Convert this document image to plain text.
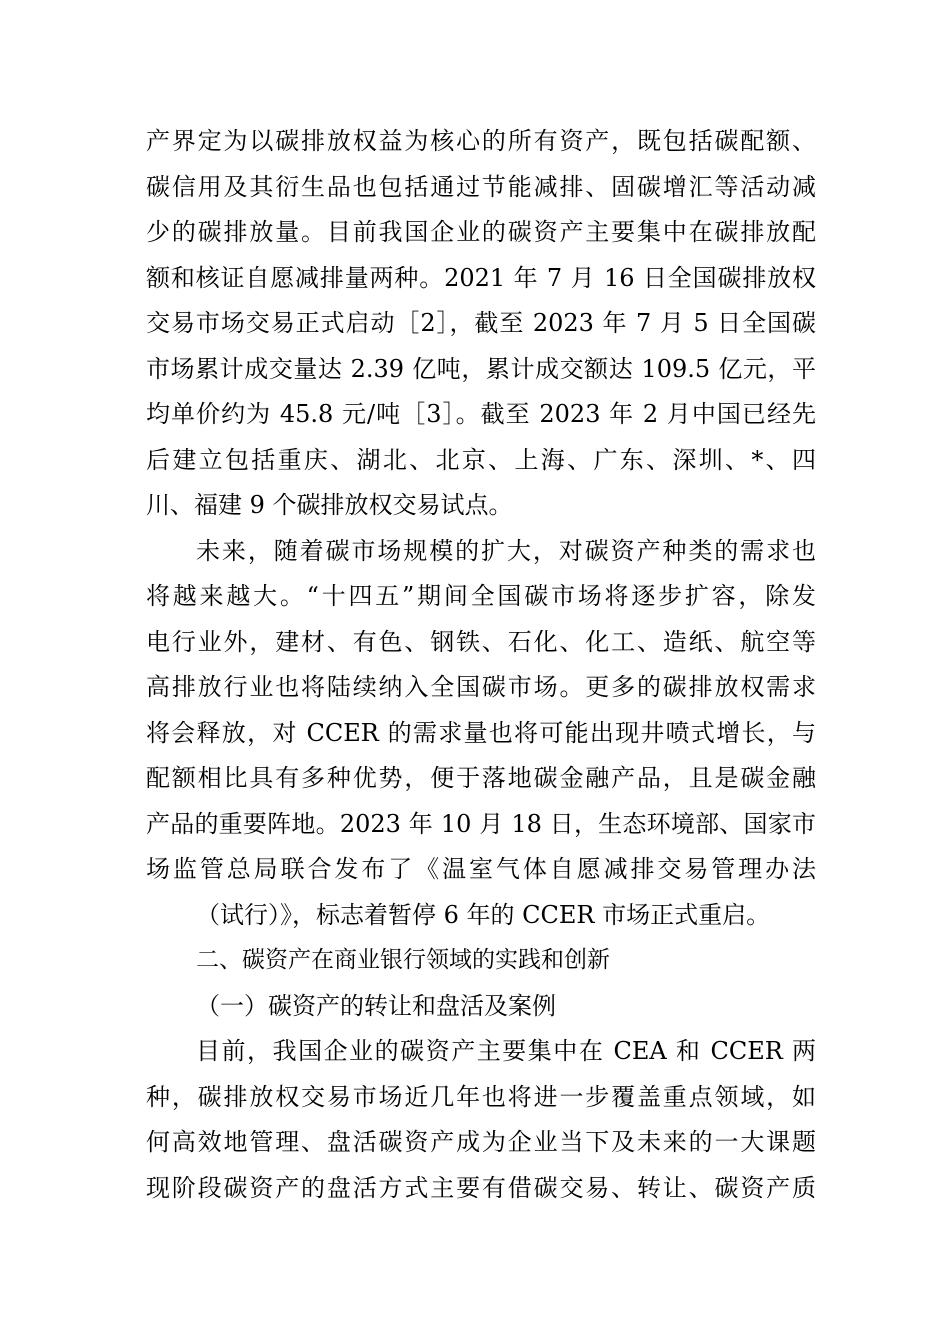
产界定为以碳排放权益为核心的所有资产，既包括碳配额、
碳信用及其衍生品也包括通过节能减排、固碳增汇等活动减
少的碳排放量。目前我国企业的碳资产主要集中在碳排放配
额和核证自愿减排量两种。2021 年 7 月 16 日全国碳排放权
交易市场交易正式启动［2］，截至 2023 年 7 月 5 日全国碳
市场累计成交量达 2.39 亿吨，累计成交额达 109.5 亿元，平
均单价约为 45.8 元/吨［3］。截至 2023 年 2 月中国已经先
后建立包括重庆、湖北、北京、上海、广东、深圳、*、四
川、福建 9 个碳排放权交易试点。
未来，随着碳市场规模的扩大，对碳资产种类的需求也
将越来越大。“十四五”期间全国碳市场将逐步扩容，除发
电行业外，建材、有色、钢铁、石化、化工、造纸、航空等
高排放行业也将陆续纳入全国碳市场。更多的碳排放权需求
将会释放，对 CCER 的需求量也将可能出现井喷式增长，与
配额相比具有多种优势，便于落地碳金融产品，且是碳金融
产品的重要阵地。2023 年 10 月 18 日，生态环境部、国家市
场监管总局联合发布了《温室气体自愿减排交易管理办法
（试行）》，标志着暂停 6 年的 CCER 市场正式重启。
二、碳资产在商业银行领域的实践和创新
（一）碳资产的转让和盘活及案例
目前，我国企业的碳资产主要集中在 CEA 和 CCER 两
种，碳排放权交易市场近几年也将进一步覆盖重点领域，如
何高效地管理、盘活碳资产成为企业当下及未来的一大课题
现阶段碳资产的盘活方式主要有借碳交易、转让、碳资产质
